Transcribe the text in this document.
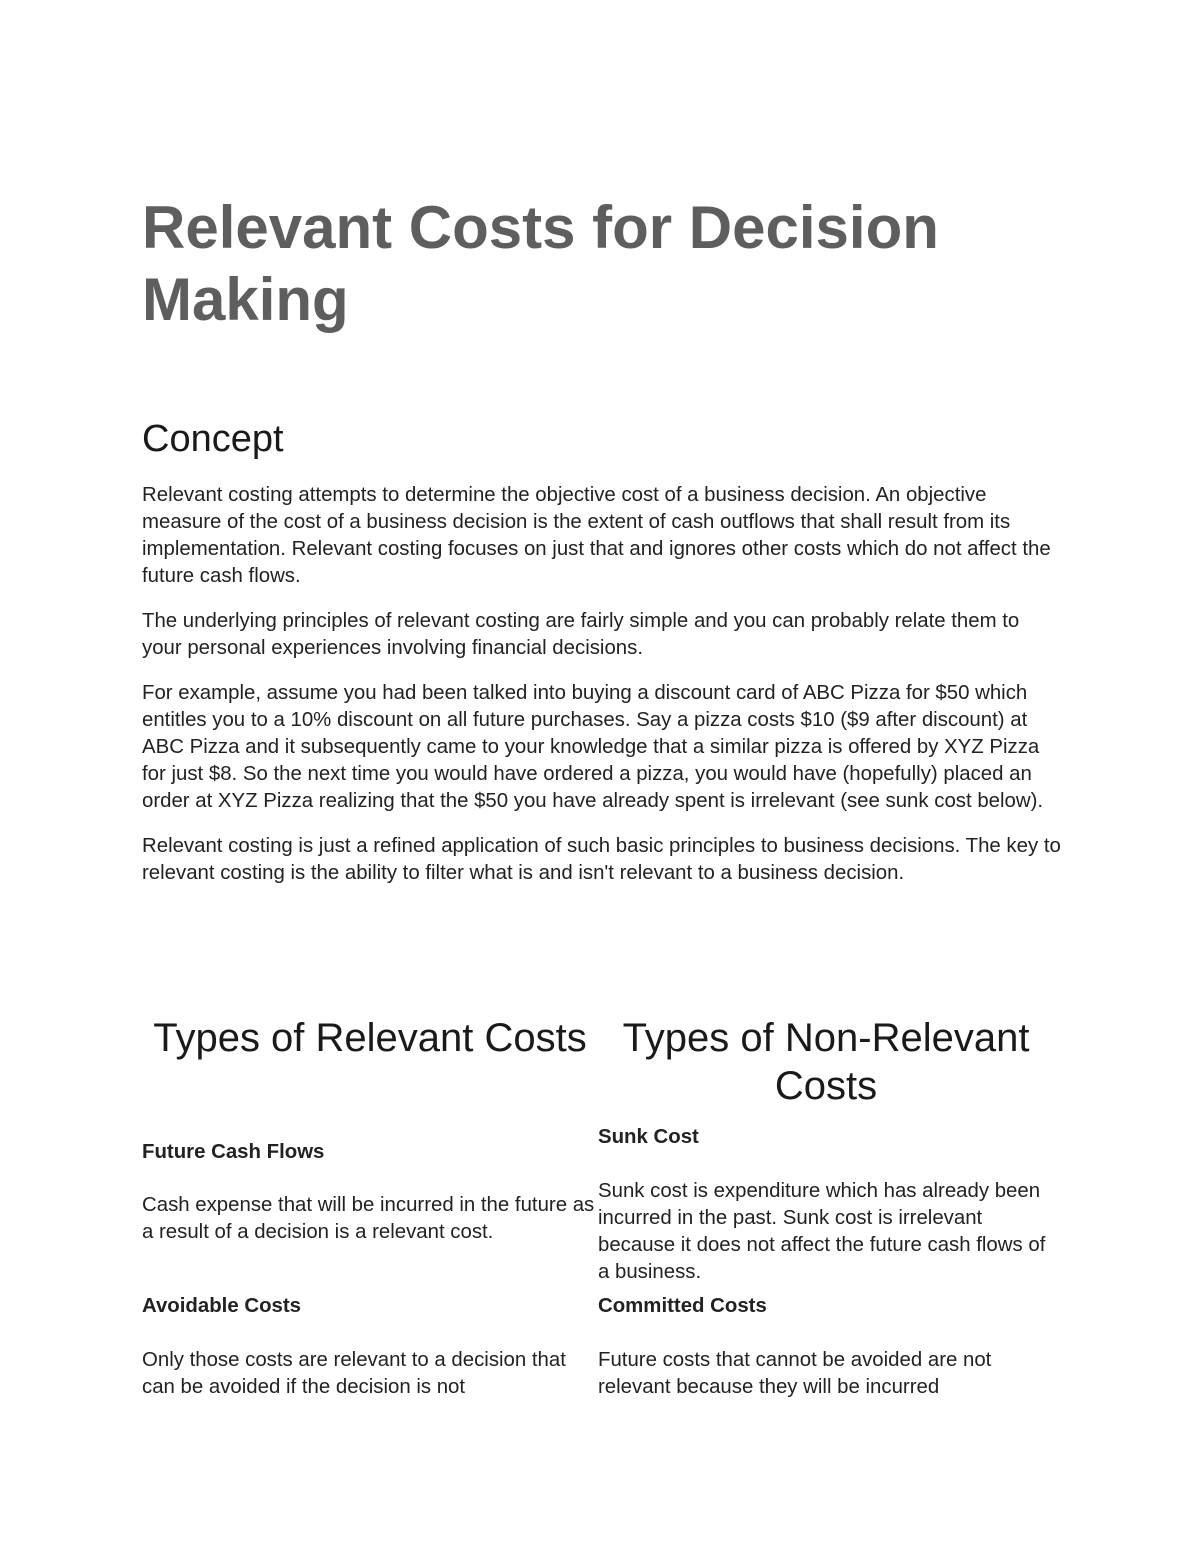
Relevant Costs for Decision Making
Concept

Relevant costing attempts to determine the objective cost of a business decision. An objective measure of the cost of a business decision is the extent of cash outflows that shall result from its implementation. Relevant costing focuses on just that and ignores other costs which do not affect the future cash flows.

The underlying principles of relevant costing are fairly simple and you can probably relate them to your personal experiences involving financial decisions.

For example, assume you had been talked into buying a discount card of ABC Pizza for $50 which entitles you to a 10% discount on all future purchases. Say a pizza costs $10 ($9 after discount) at ABC Pizza and it subsequently came to your knowledge that a similar pizza is offered by XYZ Pizza for just $8. So the next time you would have ordered a pizza, you would have (hopefully) placed an order at XYZ Pizza realizing that the $50 you have already spent is irrelevant (see sunk cost below).

Relevant costing is just a refined application of such basic principles to business decisions. The key to relevant costing is the ability to filter what is and isn't relevant to a business decision.

Types of Relevant Costs

Future Cash Flows

Cash expense that will be incurred in the future as a result of a decision is a relevant cost.

Avoidable Costs

Only those costs are relevant to a decision that can be avoided if the decision is not

Types of Non-Relevant Costs

Sunk Cost

Sunk cost is expenditure which has already been incurred in the past. Sunk cost is irrelevant because it does not affect the future cash flows of a business.

Committed Costs

Future costs that cannot be avoided are not relevant because they will be incurred
